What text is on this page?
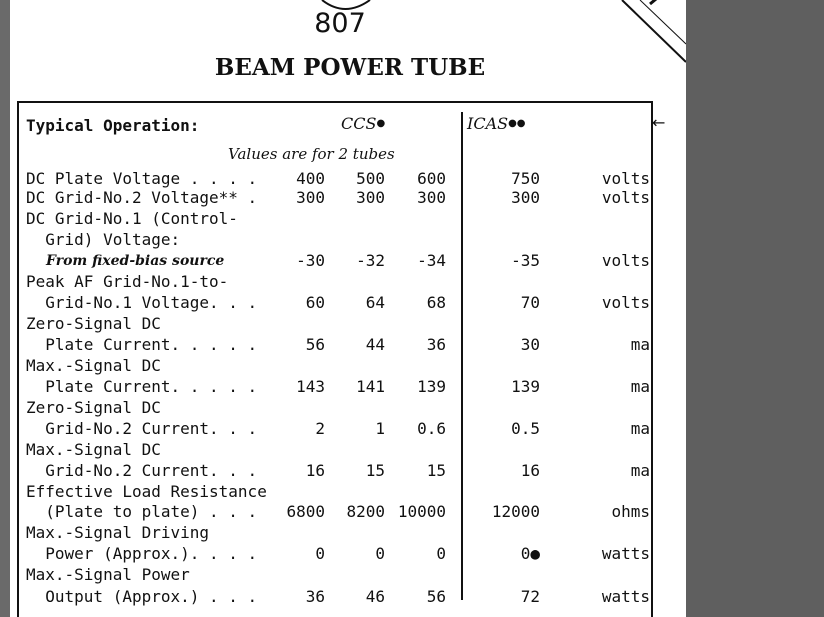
807
BEAM POWER TUBE
←
Typical Operation:	CCS●	ICAS●●
Values are for 2 tubes
DC Plate Voltage . . . . 400 500 600	750	volts
DC Grid-No.2 Voltage** . 300 300 300	300	volts
DC Grid-No.1 (Control-
Grid) Voltage:
From fixed-bias source	-30 -32 -34	-35	volts
Peak AF Grid-No.1-to-
Grid-No.1 Voltage. . .	60	64	68	70	volts
Zero-Signal DC
Plate Current. . . . .	56	44	36	30	ma
Max.-Signal DC
Plate Current. . . . . 143 141 139	139	ma
Zero-Signal DC
Grid-No.2 Current. . .	2	1 0.6	0.5	ma
Max.-Signal DC
Grid-No.2 Current. . .	16	15	15	16	ma
Effective Load Resistance
(Plate to plate) . . . 6800 8200 10000	12000	ohms
Max.-Signal Driving
Power (Approx.). . . .	0	0	0	0●	watts
Max.-Signal Power
Output (Approx.) . . .	36	46	56	72	watts
